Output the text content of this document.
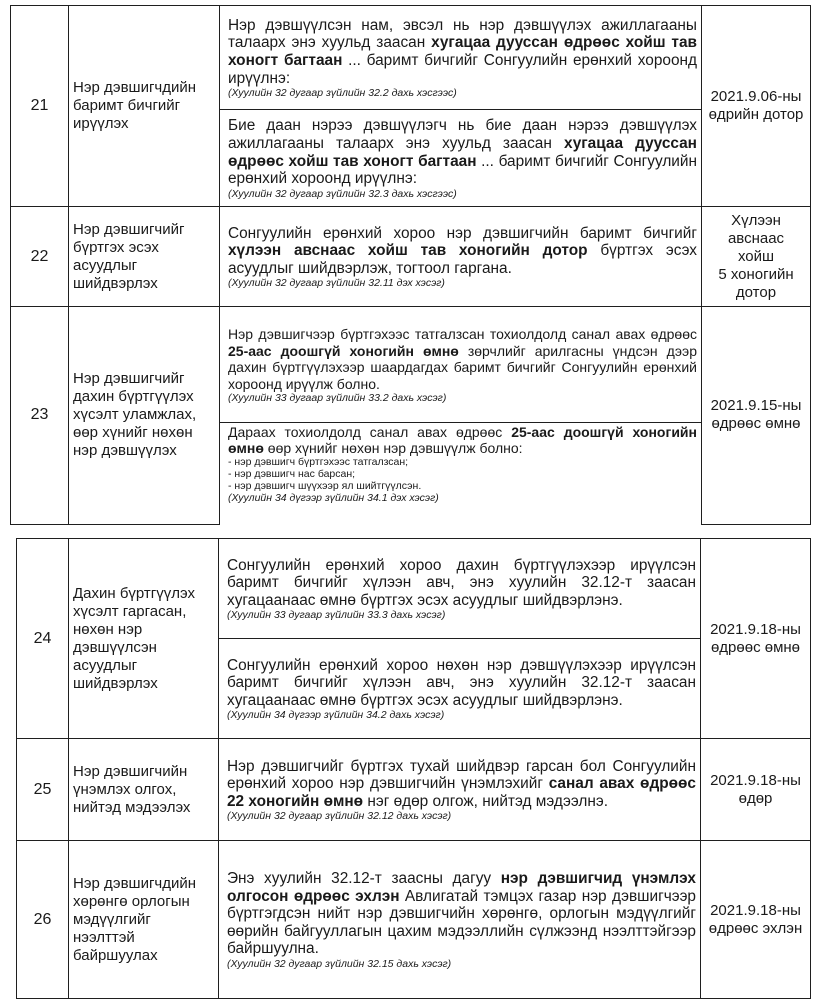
21	Нэр дэвшигчдийн баримт бичгийг ирүүлэх	Нэр дэвшүүлсэн нам, эвсэл нь нэр дэвшүүлэх ажиллагааны талаарх энэ хуульд заасан хугацаа дууссан өдрөөс хойш тав хоногт багтаан ... баримт бичгийг Сонгуулийн ерөнхий хороонд ирүүлнэ:
(Хуулийн 32 дугаар зүйлийн 32.2 дахь хэсгээс)	2021.9.06-ны өдрийн дотор
		Бие даан нэрээ дэвшүүлэгч нь бие даан нэрээ дэвшүүлэх ажиллагааны талаарх энэ хуульд заасан хугацаа дууссан өдрөөс хойш тав хоногт багтаан ... баримт бичгийг Сонгуулийн ерөнхий хороонд ирүүлнэ:
(Хуулийн 32 дугаар зүйлийн 32.3 дахь хэсгээс)	

22	Нэр дэвшигчийг бүртгэх эсэх асуудлыг шийдвэрлэх	Сонгуулийн ерөнхий хороо нэр дэвшигчийн баримт бичгийг хүлээн авснаас хойш тав хоногийн дотор бүртгэх эсэх асуудлыг шийдвэрлэж, тогтоол гаргана.
(Хуулийн 32 дугаар зүйлийн 32.11 дэх хэсэг)	Хүлээн
авснаас
хойш
5 хоногийн
дотор

23	Нэр дэвшигчийг дахин бүртгүүлэх хүсэлт уламжлах, өөр хүнийг нөхөн нэр дэвшүүлэх	Нэр дэвшигчээр бүртгэхээс татгалзсан тохиолдолд санал авах өдрөөс 25-аас доошгүй хоногийн өмнө зөрчлийг арилгасны үндсэн дээр дахин бүртгүүлэхээр шаардагдах баримт бичгийг Сонгуулийн ерөнхий хороонд ирүүлж болно.
(Хуулийн 33 дугаар зүйлийн 33.2 дахь хэсэг)	2021.9.15-ны өдрөөс өмнө

		Дараах тохиолдолд санал авах өдрөөс 25-аас доошгүй хоногийн өмнө өөр хүнийг нөхөн нэр дэвшүүлж болно:
- нэр дэвшигч бүртгэхээс татгалзсан;
- нэр дэвшигч нас барсан;
- нэр дэвшигч шүүхээр ял шийтгүүлсэн.
(Хуулийн 34 дүгээр зүйлийн 34.1 дэх хэсэг)	
24	Дахин бүртгүүлэх хүсэлт гаргасан, нөхөн нэр дэвшүүлсэн асуудлыг шийдвэрлэх	Сонгуулийн ерөнхий хороо дахин бүртгүүлэхээр ирүүлсэн баримт бичгийг хүлээн авч, энэ хуулийн 32.12-т заасан хугацаанаас өмнө бүртгэх эсэх асуудлыг шийдвэрлэнэ.
(Хуулийн 33 дугаар зүйлийн 33.3 дахь хэсэг)	2021.9.18-ны өдрөөс өмнө
		Сонгуулийн ерөнхий хороо нөхөн нэр дэвшүүлэхээр ирүүлсэн баримт бичгийг хүлээн авч, энэ хуулийн 32.12-т заасан хугацаанаас өмнө бүртгэх эсэх асуудлыг шийдвэрлэнэ.
(Хуулийн 34 дүгээр зүйлийн 34.2 дахь хэсэг)	

25	Нэр дэвшигчийн үнэмлэх олгох, нийтэд мэдээлэх	Нэр дэвшигчийг бүртгэх тухай шийдвэр гарсан бол Сонгуулийн ерөнхий хороо нэр дэвшигчийн үнэмлэхийг санал авах өдрөөс 22 хоногийн өмнө нэг өдөр олгож, нийтэд мэдээлнэ.
(Хуулийн 32 дугаар зүйлийн 32.12 дахь хэсэг)	2021.9.18-ны өдөр
26	Нэр дэвшигчдийн хөрөнгө орлогын мэдүүлгийг нээлттэй байршуулах	Энэ хуулийн 32.12-т заасны дагуу нэр дэвшигчид үнэмлэх олгосон өдрөөс эхлэн Авлигатай тэмцэх газар нэр дэвшигчээр бүртгэгдсэн нийт нэр дэвшигчийн хөрөнгө, орлогын мэдүүлгийг өөрийн байгууллагын цахим мэдээллийн сүлжээнд нээлттэйгээр байршуулна.
(Хуулийн 32 дугаар зүйлийн 32.15 дахь хэсэг)	2021.9.18-ны өдрөөс эхлэн
